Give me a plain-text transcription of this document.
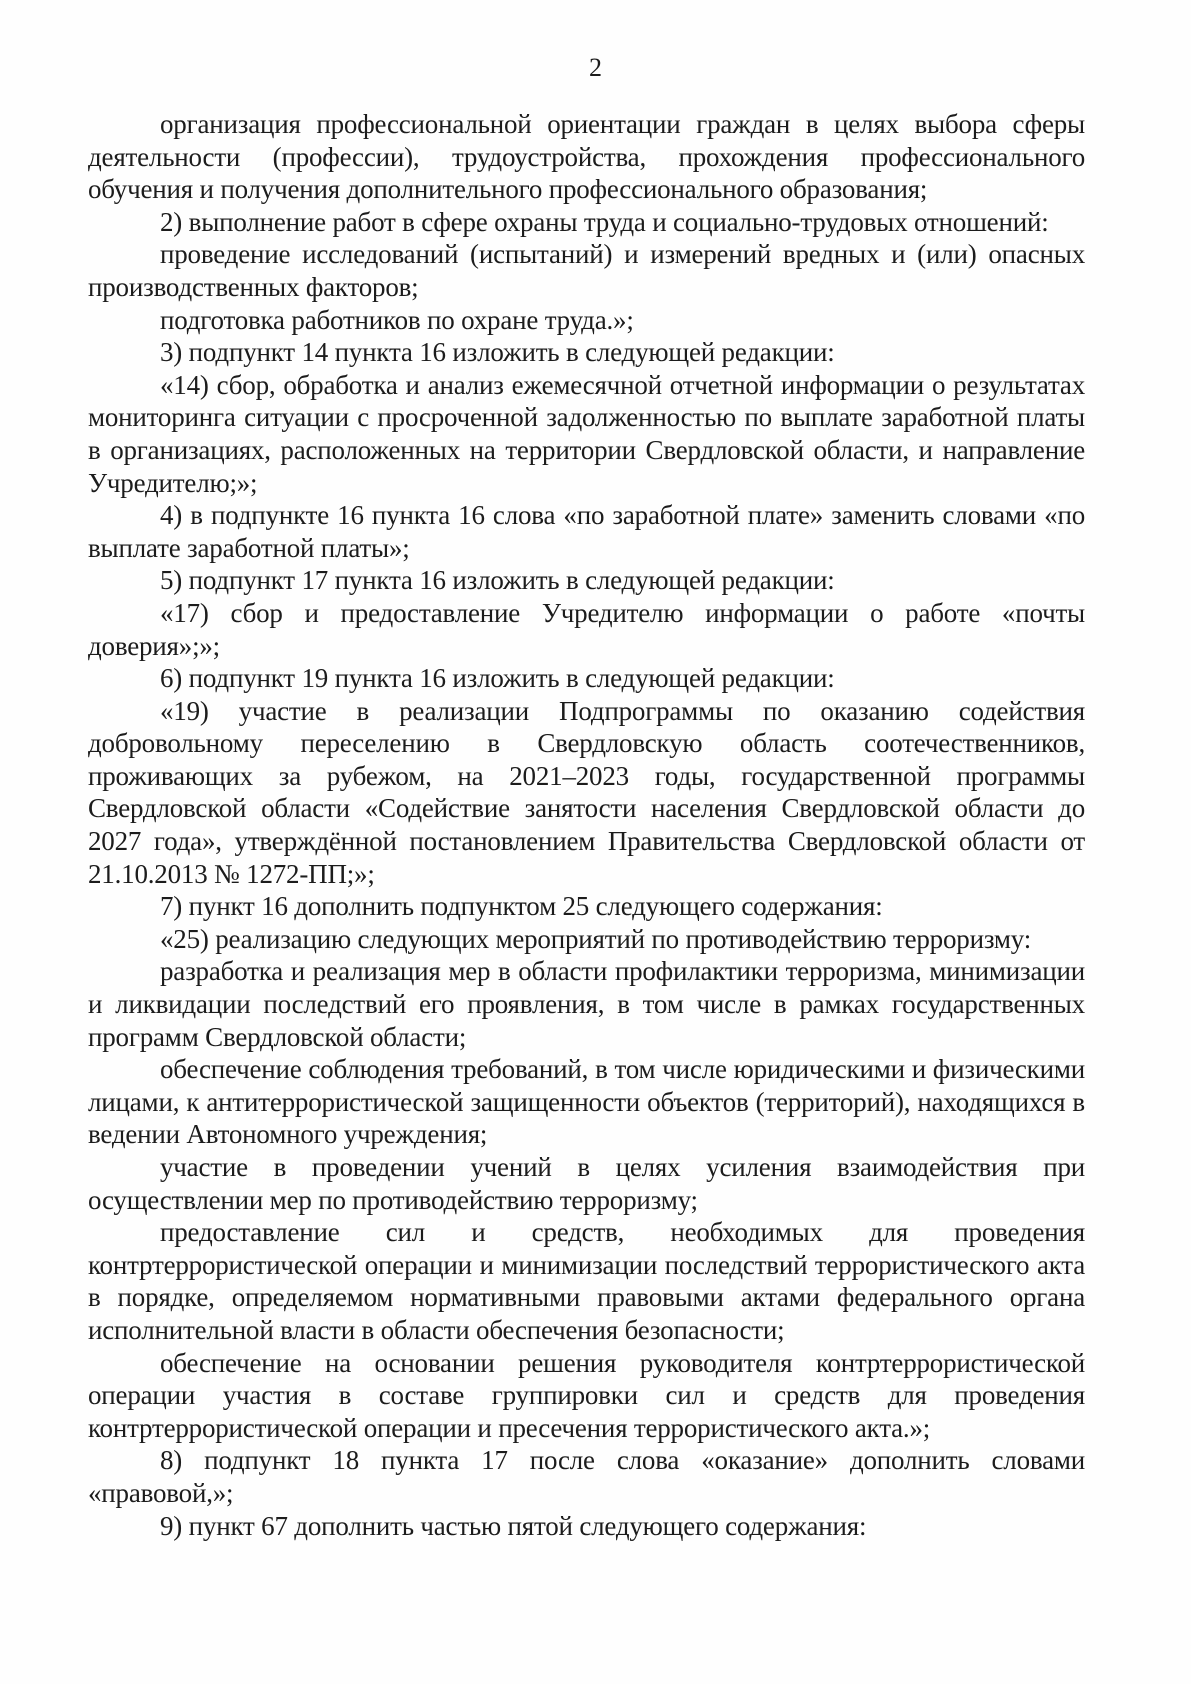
2

организация профессиональной ориентации граждан в целях выбора сферы деятельности (профессии), трудоустройства, прохождения профессионального обучения и получения дополнительного профессионального образования;

2) выполнение работ в сфере охраны труда и социально-трудовых отношений:

проведение исследований (испытаний) и измерений вредных и (или) опасных производственных факторов;

подготовка работников по охране труда.»;

3) подпункт 14 пункта 16 изложить в следующей редакции:

«14) сбор, обработка и анализ ежемесячной отчетной информации о результатах мониторинга ситуации с просроченной задолженностью по выплате заработной платы в организациях, расположенных на территории Свердловской области, и направление Учредителю;»;

4) в подпункте 16 пункта 16 слова «по заработной плате» заменить словами «по выплате заработной платы»;

5) подпункт 17 пункта 16 изложить в следующей редакции:

«17) сбор и предоставление Учредителю информации о работе «почты доверия»;»;

6) подпункт 19 пункта 16 изложить в следующей редакции:

«19) участие в реализации Подпрограммы по оказанию содействия добровольному переселению в Свердловскую область соотечественников, проживающих за рубежом, на 2021–2023 годы, государственной программы Свердловской области «Содействие занятости населения Свердловской области до 2027 года», утверждённой постановлением Правительства Свердловской области от 21.10.2013 № 1272-ПП;»;

7) пункт 16 дополнить подпунктом 25 следующего содержания:

«25) реализацию следующих мероприятий по противодействию терроризму:

разработка и реализация мер в области профилактики терроризма, минимизации и ликвидации последствий его проявления, в том числе в рамках государственных программ Свердловской области;

обеспечение соблюдения требований, в том числе юридическими и физическими лицами, к антитеррористической защищенности объектов (территорий), находящихся в ведении Автономного учреждения;

участие в проведении учений в целях усиления взаимодействия при осуществлении мер по противодействию терроризму;

предоставление сил и средств, необходимых для проведения контртеррористической операции и минимизации последствий террористического акта в порядке, определяемом нормативными правовыми актами федерального органа исполнительной власти в области обеспечения безопасности;

обеспечение на основании решения руководителя контртеррористической операции участия в составе группировки сил и средств для проведения контртеррористической операции и пресечения террористического акта.»;

8) подпункт 18 пункта 17 после слова «оказание» дополнить словами «правовой,»;

9) пункт 67 дополнить частью пятой следующего содержания:
